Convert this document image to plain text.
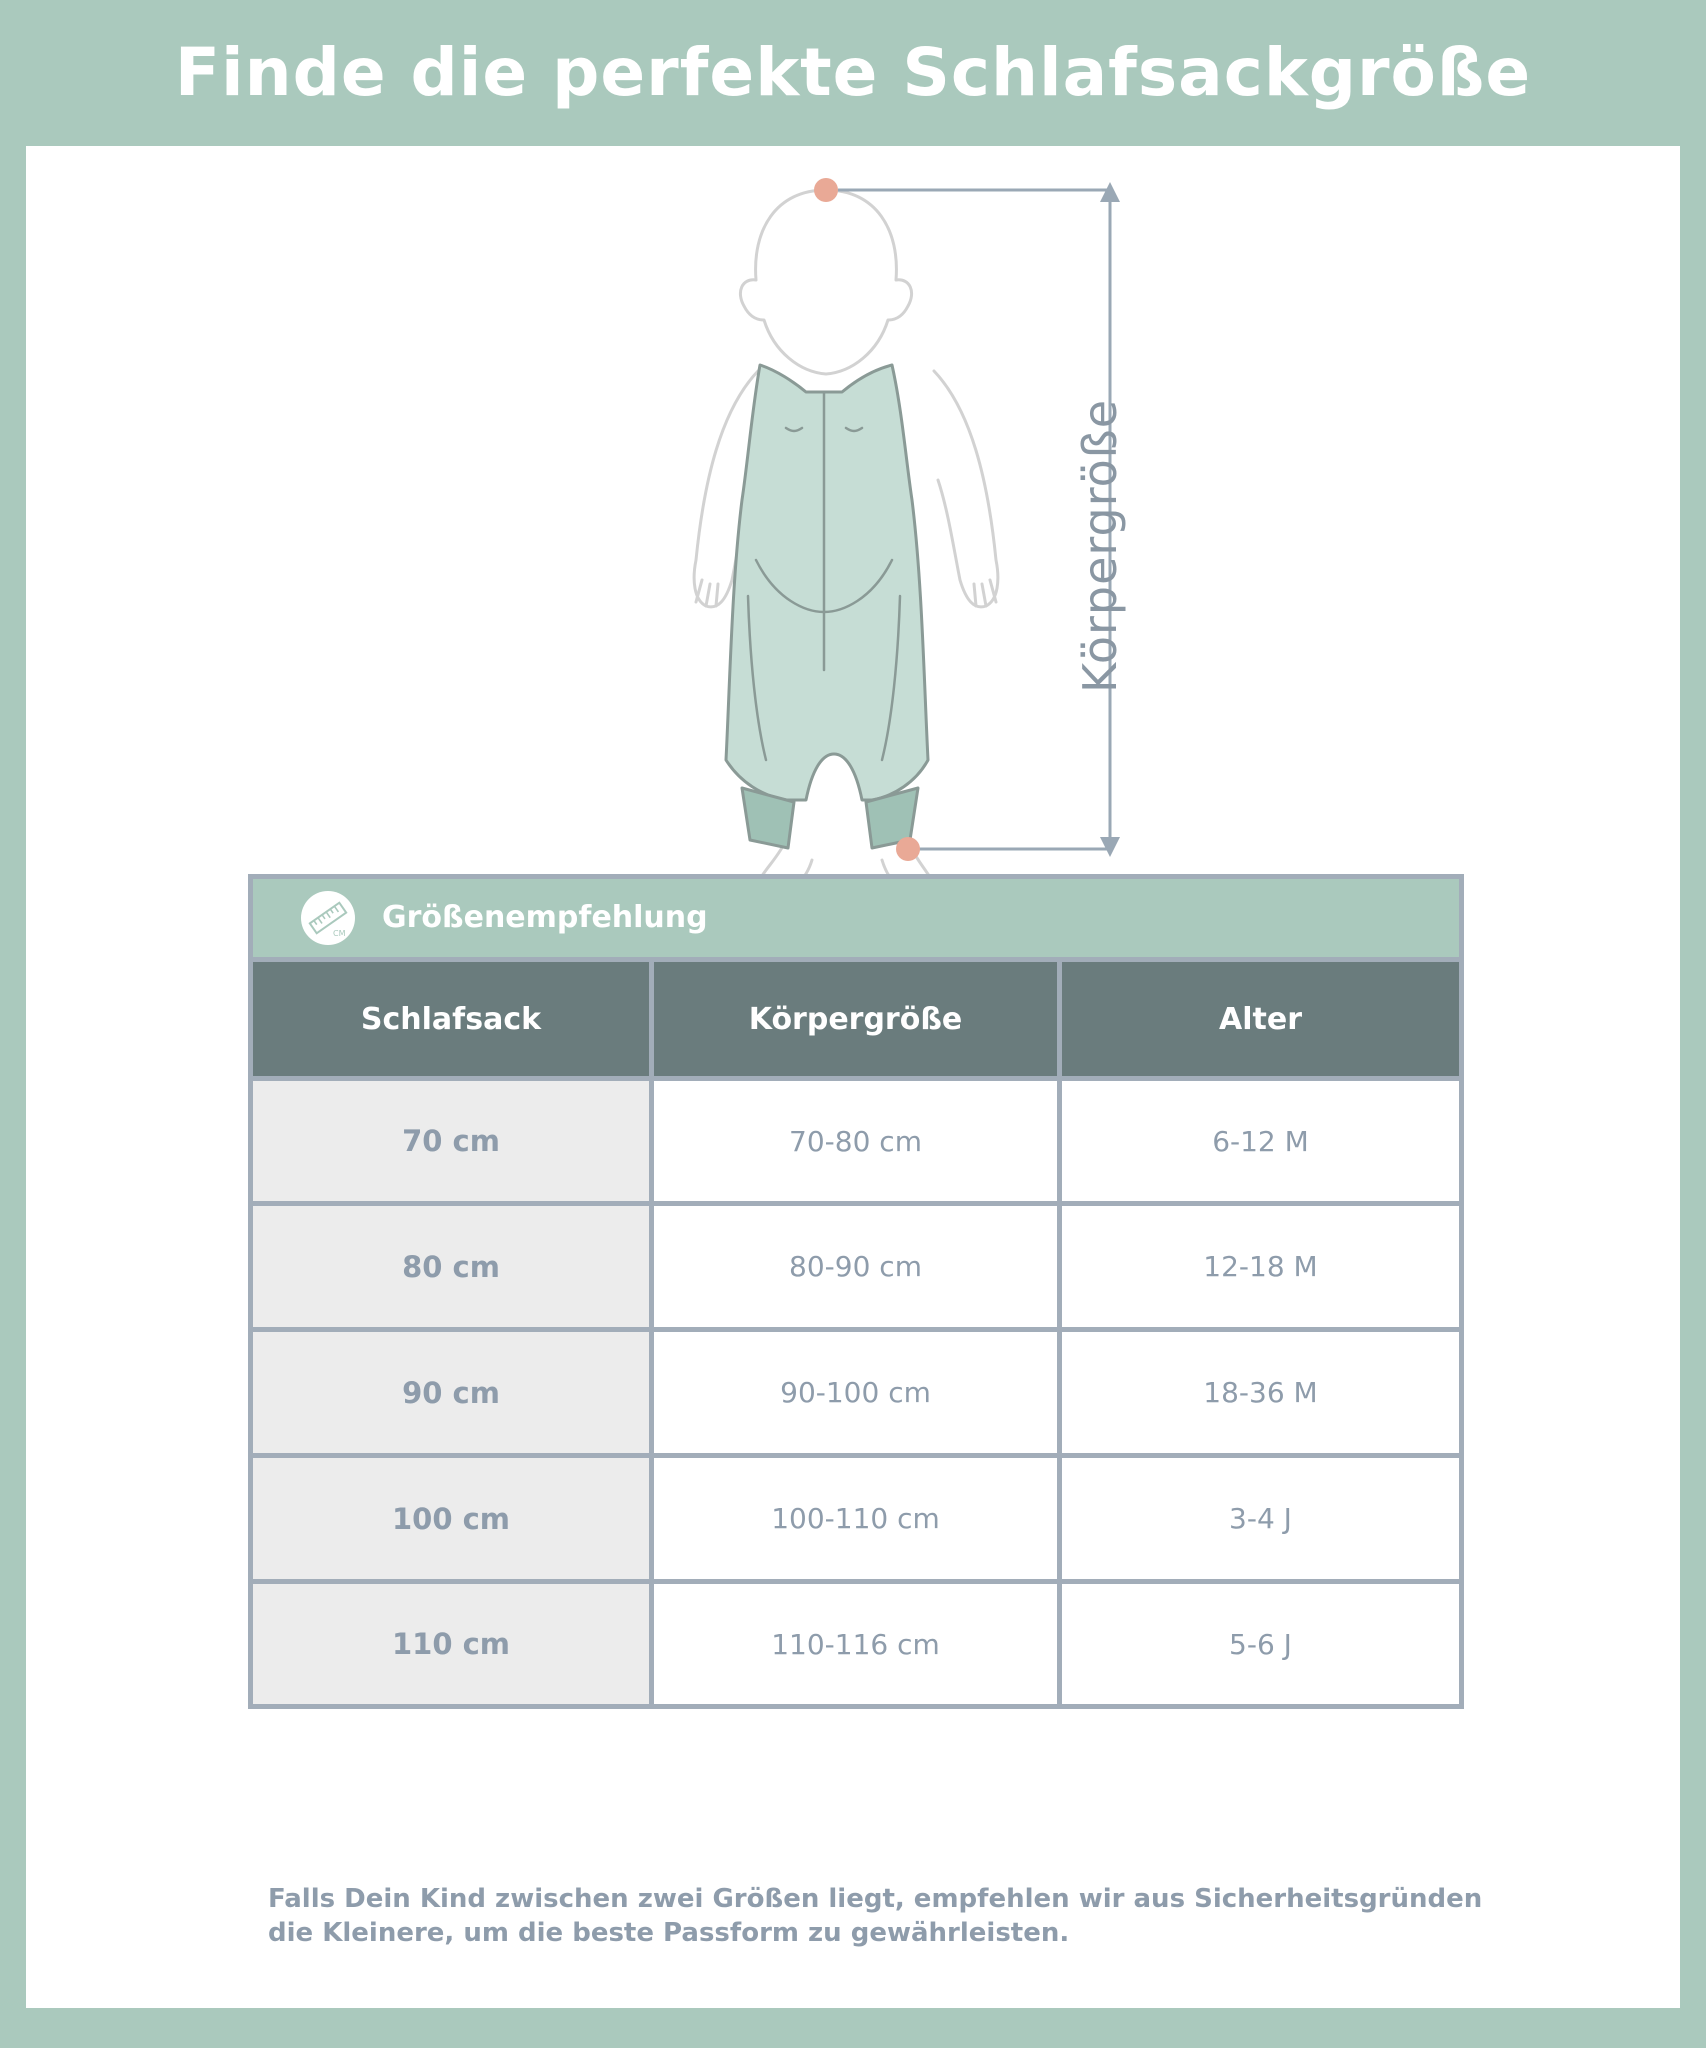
Finde die perfekte Schlafsackgröße
Körpergröße
CM Größenempfehlung
Schlafsack	Körpergröße	Alter
70 cm	70-80 cm	6-12 M
80 cm	80-90 cm	12-18 M
90 cm	90-100 cm	18-36 M
100 cm	100-110 cm	3-4 J
110 cm	110-116 cm	5-6 J
Falls Dein Kind zwischen zwei Größen liegt, empfehlen wir aus Sicherheitsgründen
die Kleinere, um die beste Passform zu gewährleisten.
